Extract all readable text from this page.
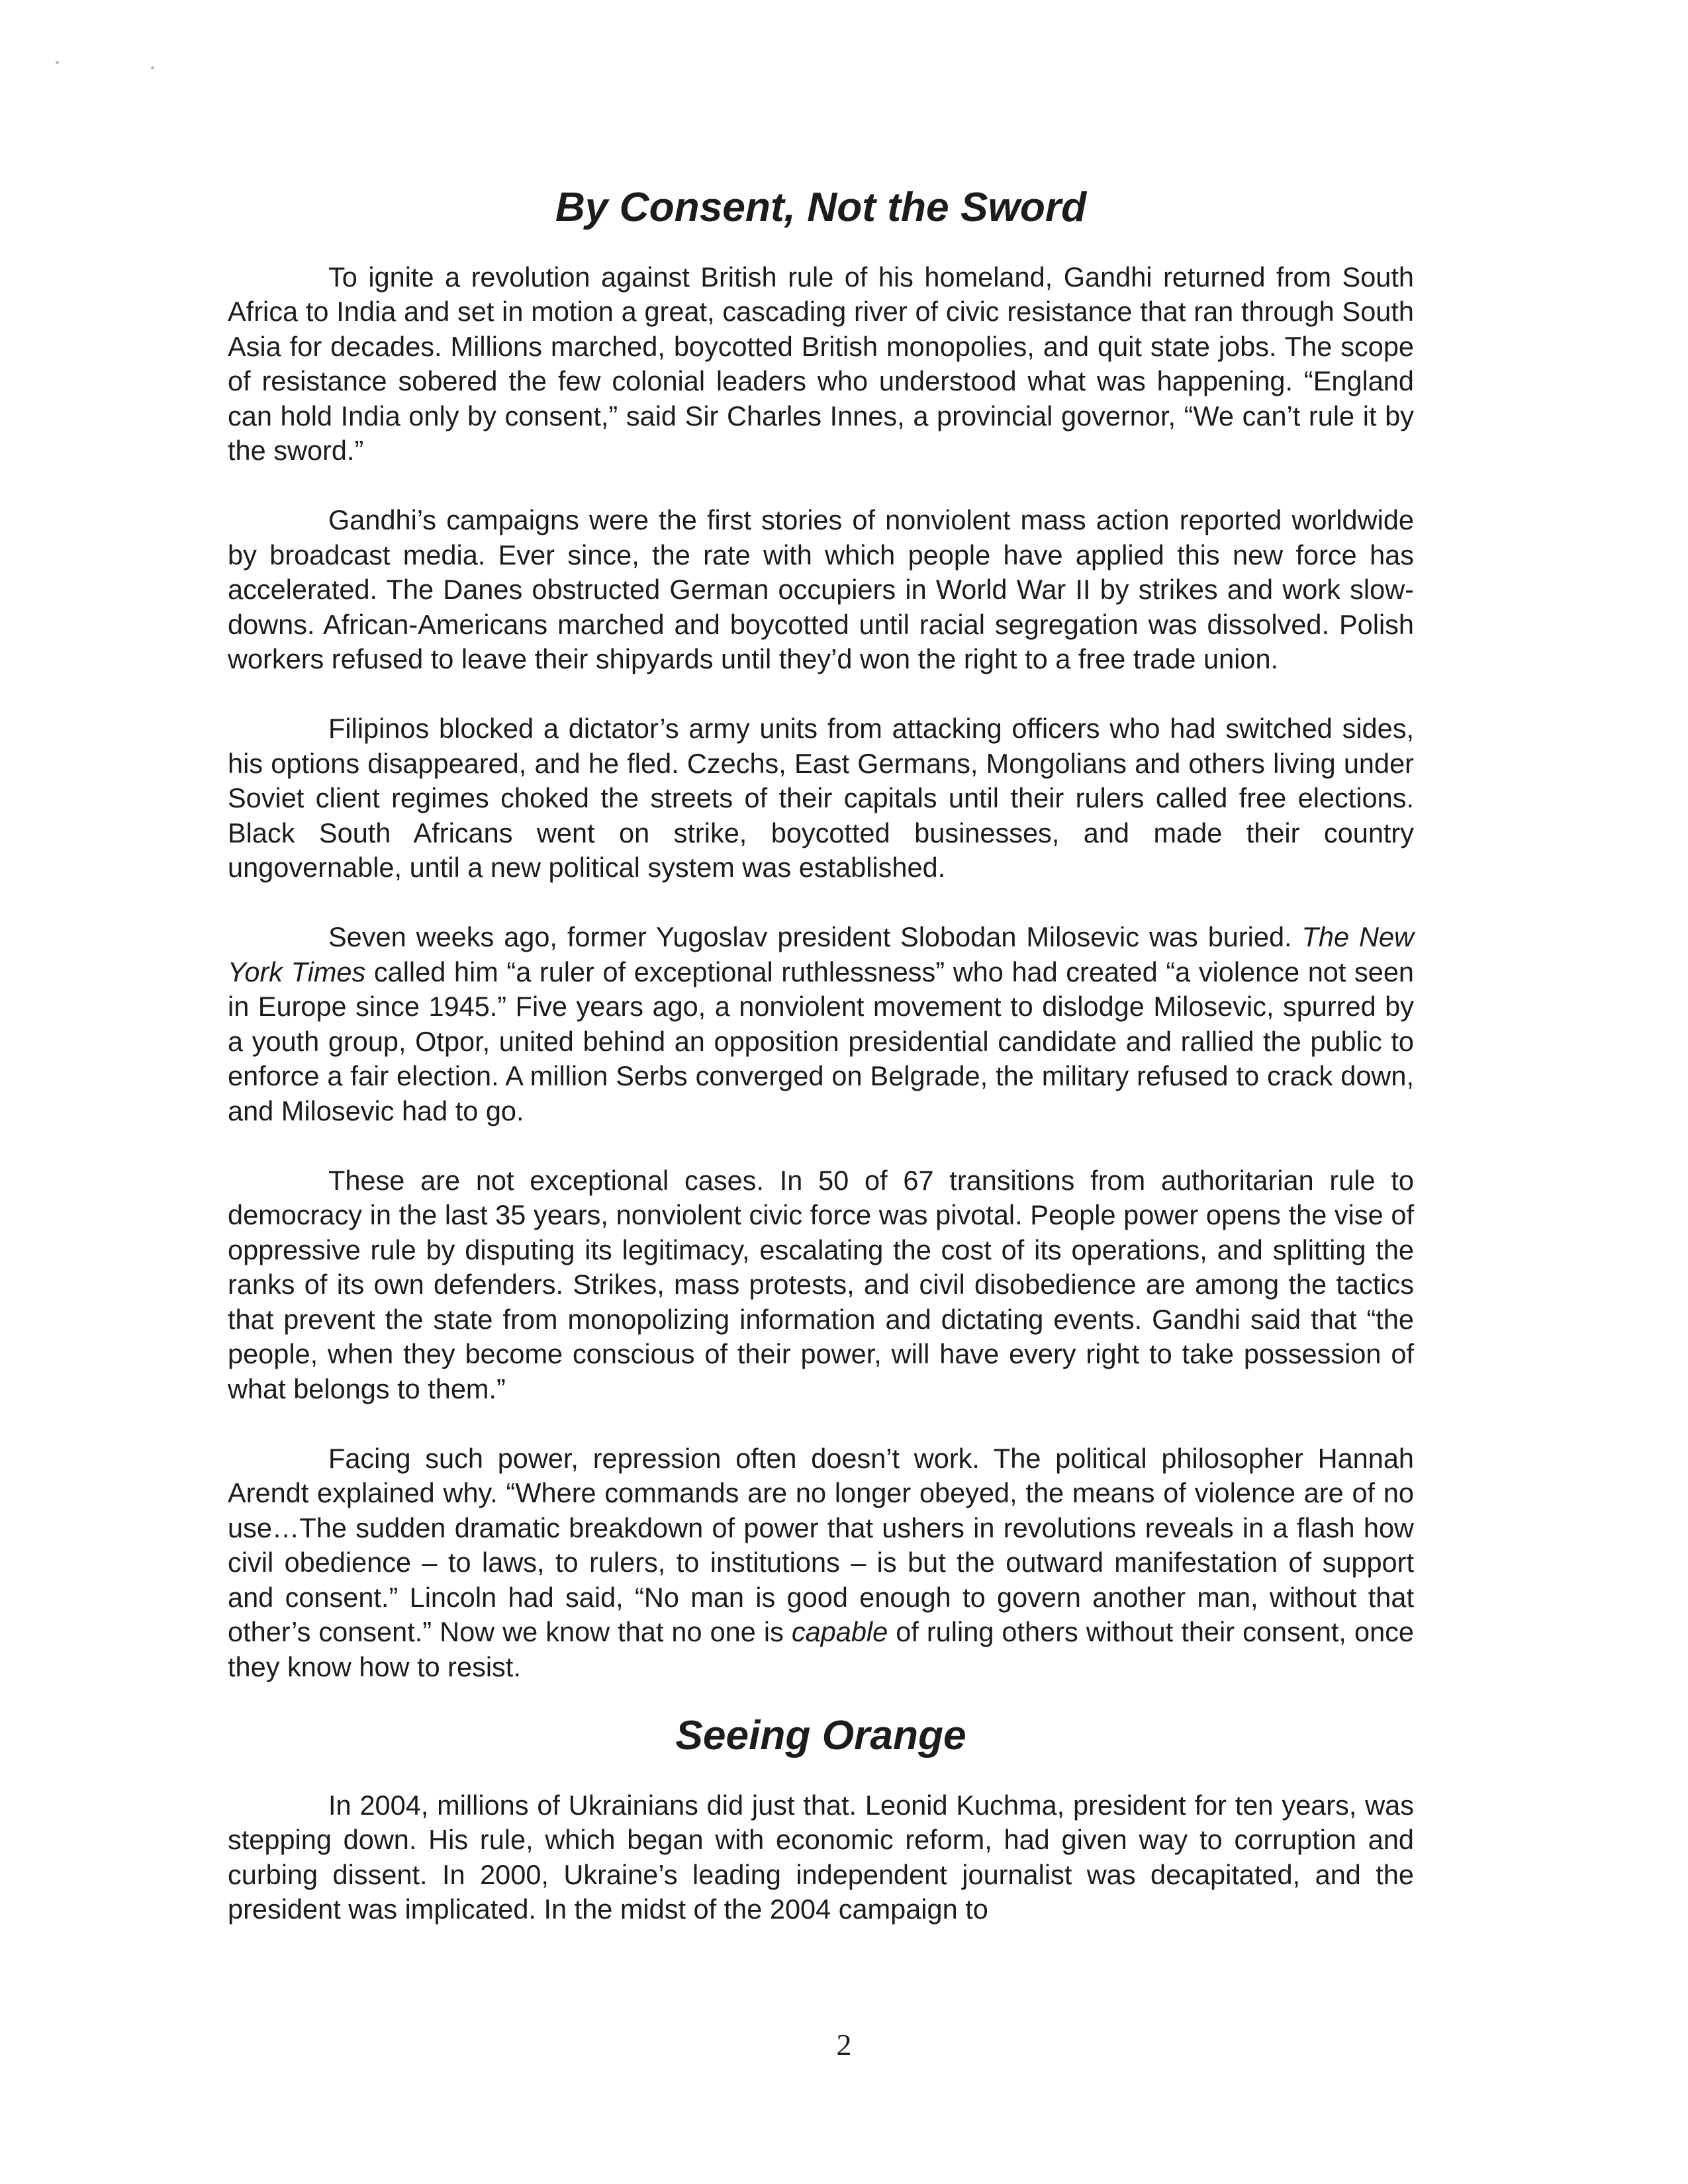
By Consent, Not the Sword

To ignite a revolution against British rule of his homeland, Gandhi returned from South Africa to India and set in motion a great, cascading river of civic resistance that ran through South Asia for decades. Millions marched, boycotted British monopolies, and quit state jobs. The scope of resistance sobered the few colonial leaders who understood what was happening. “England can hold India only by consent,” said Sir Charles Innes, a provincial governor, “We can’t rule it by the sword.”

Gandhi’s campaigns were the first stories of nonviolent mass action reported worldwide by broadcast media. Ever since, the rate with which people have applied this new force has accelerated. The Danes obstructed German occupiers in World War II by strikes and work slow-downs. African-Americans marched and boycotted until racial segregation was dissolved. Polish workers refused to leave their shipyards until they’d won the right to a free trade union.

Filipinos blocked a dictator’s army units from attacking officers who had switched sides, his options disappeared, and he fled. Czechs, East Germans, Mongolians and others living under Soviet client regimes choked the streets of their capitals until their rulers called free elections. Black South Africans went on strike, boycotted businesses, and made their country ungovernable, until a new political system was established.

Seven weeks ago, former Yugoslav president Slobodan Milosevic was buried. The New York Times called him “a ruler of exceptional ruthlessness” who had created “a violence not seen in Europe since 1945.” Five years ago, a nonviolent movement to dislodge Milosevic, spurred by a youth group, Otpor, united behind an opposition presidential candidate and rallied the public to enforce a fair election. A million Serbs converged on Belgrade, the military refused to crack down, and Milosevic had to go.

These are not exceptional cases. In 50 of 67 transitions from authoritarian rule to democracy in the last 35 years, nonviolent civic force was pivotal. People power opens the vise of oppressive rule by disputing its legitimacy, escalating the cost of its operations, and splitting the ranks of its own defenders. Strikes, mass protests, and civil disobedience are among the tactics that prevent the state from monopolizing information and dictating events. Gandhi said that “the people, when they become conscious of their power, will have every right to take possession of what belongs to them.”

Facing such power, repression often doesn’t work. The political philosopher Hannah Arendt explained why. “Where commands are no longer obeyed, the means of violence are of no use…The sudden dramatic breakdown of power that ushers in revolutions reveals in a flash how civil obedience – to laws, to rulers, to institutions – is but the outward manifestation of support and consent.” Lincoln had said, “No man is good enough to govern another man, without that other’s consent.” Now we know that no one is capable of ruling others without their consent, once they know how to resist.

Seeing Orange

In 2004, millions of Ukrainians did just that. Leonid Kuchma, president for ten years, was stepping down. His rule, which began with economic reform, had given way to corruption and curbing dissent. In 2000, Ukraine’s leading independent journalist was decapitated, and the president was implicated. In the midst of the 2004 campaign to

2
